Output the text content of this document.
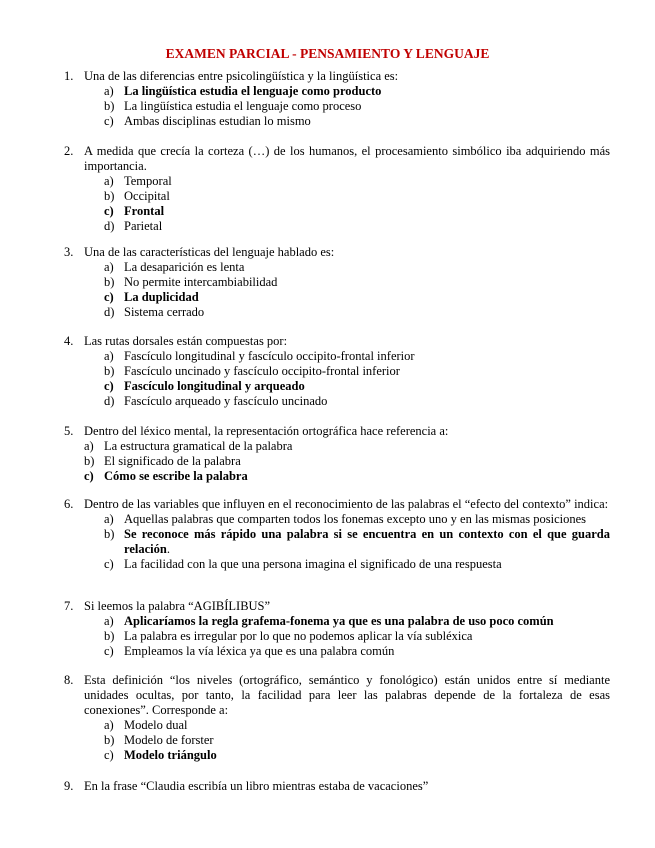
EXAMEN PARCIAL - PENSAMIENTO Y LENGUAJE
1. Una de las diferencias entre psicolingüística y la lingüística es:
a) La lingüística estudia el lenguaje como producto
b) La lingüística estudia el lenguaje como proceso
c) Ambas disciplinas estudian lo mismo
2. A medida que crecía la corteza (…) de los humanos, el procesamiento simbólico iba adquiriendo más importancia.
a) Temporal
b) Occipital
c) Frontal
d) Parietal
3. Una de las características del lenguaje hablado es:
a) La desaparición es lenta
b) No permite intercambiabilidad
c) La duplicidad
d) Sistema cerrado
4. Las rutas dorsales están compuestas por:
a) Fascículo longitudinal y fascículo occipito-frontal inferior
b) Fascículo uncinado y fascículo occipito-frontal inferior
c) Fascículo longitudinal y arqueado
d) Fascículo arqueado y fascículo uncinado
5. Dentro del léxico mental, la representación ortográfica hace referencia a:
a) La estructura gramatical de la palabra
b) El significado de la palabra
c) Cómo se escribe la palabra
6. Dentro de las variables que influyen en el reconocimiento de las palabras el “efecto del contexto” indica:
a) Aquellas palabras que comparten todos los fonemas excepto uno y en las mismas posiciones
b) Se reconoce más rápido una palabra si se encuentra en un contexto con el que guarda relación.
c) La facilidad con la que una persona imagina el significado de una respuesta
7. Si leemos la palabra “AGIBÍLIBUS”
a) Aplicaríamos la regla grafema-fonema ya que es una palabra de uso poco común
b) La palabra es irregular por lo que no podemos aplicar la vía subléxica
c) Empleamos la vía léxica ya que es una palabra común
8. Esta definición “los niveles (ortográfico, semántico y fonológico) están unidos entre sí mediante unidades ocultas, por tanto, la facilidad para leer las palabras depende de la fortaleza de esas conexiones”. Corresponde a:
a) Modelo dual
b) Modelo de forster
c) Modelo triángulo
9. En la frase “Claudia escribía un libro mientras estaba de vacaciones”
